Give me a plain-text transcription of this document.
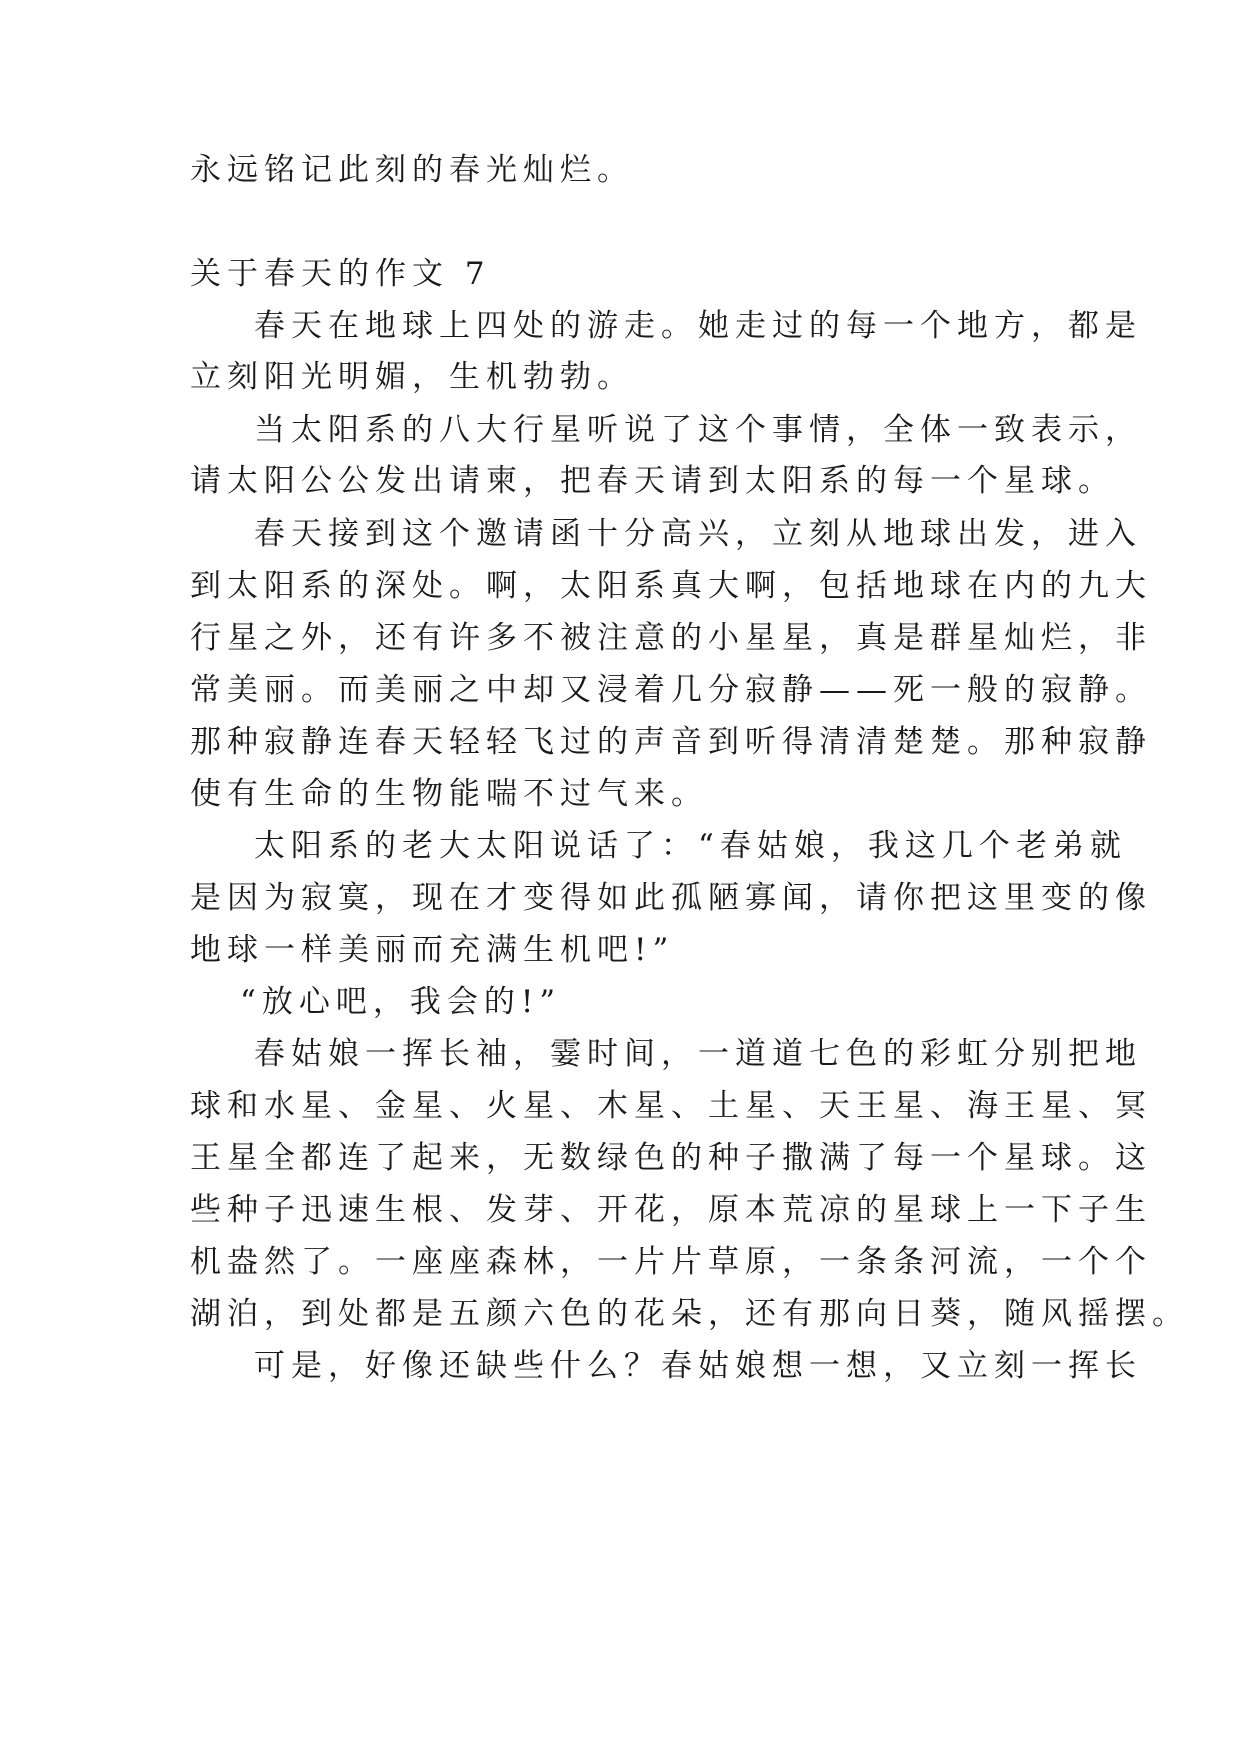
永远铭记此刻的春光灿烂。

关于春天的作文 7

春天在地球上四处的游走。她走过的每一个地方，都是

立刻阳光明媚，生机勃勃。

当太阳系的八大行星听说了这个事情，全体一致表示，

请太阳公公发出请柬，把春天请到太阳系的每一个星球。

春天接到这个邀请函十分高兴，立刻从地球出发，进入

到太阳系的深处。啊，太阳系真大啊，包括地球在内的九大

行星之外，还有许多不被注意的小星星，真是群星灿烂，非

常美丽。而美丽之中却又浸着几分寂静——死一般的寂静。

那种寂静连春天轻轻飞过的声音到听得清清楚楚。那种寂静

使有生命的生物能喘不过气来。

太阳系的老大太阳说话了：“春姑娘，我这几个老弟就

是因为寂寞，现在才变得如此孤陋寡闻，请你把这里变的像

地球一样美丽而充满生机吧!”

“放心吧，我会的!”

春姑娘一挥长袖，霎时间，一道道七色的彩虹分别把地

球和水星、金星、火星、木星、土星、天王星、海王星、冥

王星全都连了起来，无数绿色的种子撒满了每一个星球。这

些种子迅速生根、发芽、开花，原本荒凉的星球上一下子生

机盎然了。一座座森林，一片片草原，一条条河流，一个个

湖泊，到处都是五颜六色的花朵，还有那向日葵，随风摇摆。

可是，好像还缺些什么？春姑娘想一想，又立刻一挥长
